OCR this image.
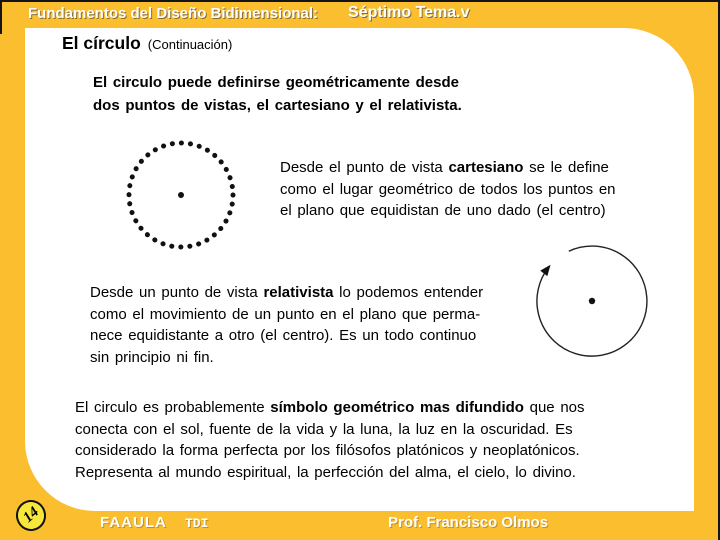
Fundamentos del Diseño Bidimensional: Séptimo Tema.v
El círculo (Continuación)
El circulo puede definirse geométricamente desde
dos puntos de vistas, el cartesiano y el relativista.
Desde el punto de vista cartesiano se le define
como el lugar geométrico de todos los puntos en
el plano que equidistan de uno dado (el centro)
Desde un punto de vista relativista lo podemos entender
como el movimiento de un punto en el plano que perma-
nece equidistante a otro (el centro). Es un todo continuo
sin principio ni fin.
El circulo es probablemente símbolo geométrico mas difundido que nos
conecta con el sol, fuente de la vida y la luna, la luz en la oscuridad. Es
considerado la forma perfecta por los filósofos platónicos y neoplatónicos.
Representa al mundo espiritual, la perfección del alma, el cielo, lo divino.
14	FAAULA TDI	Prof. Francisco Olmos
